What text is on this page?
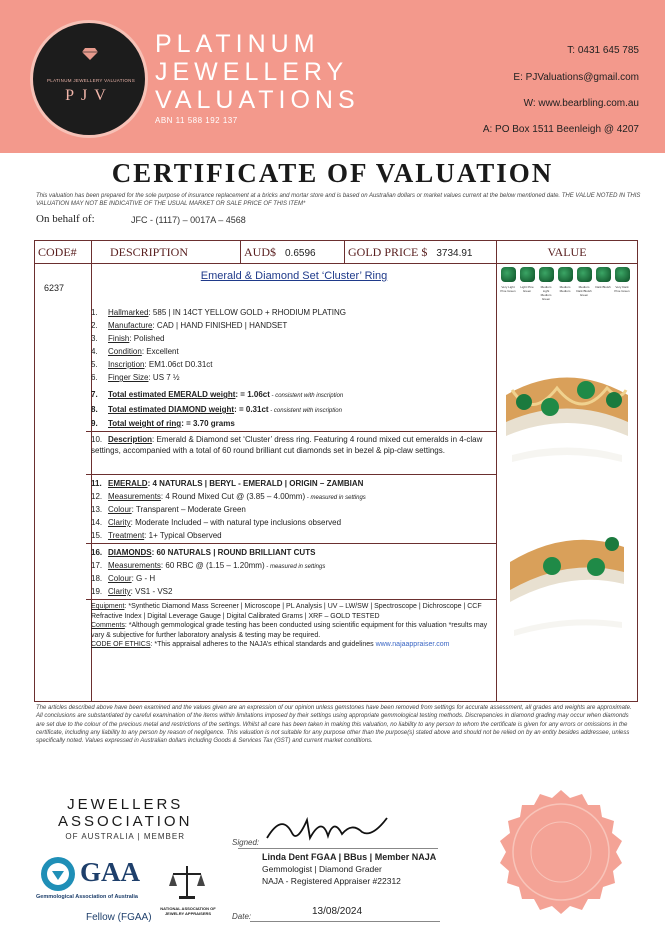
PLATINUM JEWELLERY VALUATIONS
PJV
PLATINUM
JEWELLERY
VALUATIONS
ABN 11 588 192 137
T: 0431 645 785
E: PJValuations@gmail.com
W: www.bearbling.com.au
A: PO Box 1511 Beenleigh @ 4207
CERTIFICATE OF VALUATION
This valuation has been prepared for the sole purpose of insurance replacement at a bricks and mortar store and is based on Australian dollars or market values current at the below mentioned date. THE VALUE NOTED IN THIS VALUATION MAY NOT BE INDICATIVE OF THE USUAL MARKET OR SALE PRICE OF THIS ITEM*
On behalf of:	JFC - (1117) – 0017A – 4568
CODE#	DESCRIPTION	AUD$ 0.6596	GOLD PRICE $ 3734.91	VALUE
6237
Emerald & Diamond Set ‘Cluster’ Ring
1. Hallmarked: 585 | IN 14CT YELLOW GOLD + RHODIUM PLATING
2. Manufacture: CAD | HAND FINISHED | HANDSET
3. Finish: Polished
4. Condition: Excellent
5. Inscription: EM1.06ct D0.31ct
6. Finger Size: US 7 ½
7. Total estimated EMERALD weight: = 1.06ct - consistent with inscription
8. Total estimated DIAMOND weight: = 0.31ct - consistent with inscription
9. Total weight of ring: = 3.70 grams
10. Description: Emerald & Diamond set ‘Cluster’ dress ring. Featuring 4 round mixed cut emeralds in 4-claw settings, accompanied with a total of 60 round brilliant cut diamonds set in bezel & pip-claw settings.
11. EMERALD: 4 NATURALS | BERYL - EMERALD | ORIGIN – ZAMBIAN
12. Measurements: 4 Round Mixed Cut @ (3.85 – 4.00mm) - measured in settings
13. Colour: Transparent – Moderate Green
14. Clarity: Moderate Included – with natural type inclusions observed
15. Treatment: 1+ Typical Observed
16. DIAMONDS: 60 NATURALS | ROUND BRILLIANT CUTS
17. Measurements: 60 RBC @ (1.15 – 1.20mm) - measured in settings
18. Colour: G - H
19. Clarity: VS1 - VS2
Equipment: *Synthetic Diamond Mass Screener | Microscope | PL Analysis | UV – LW/SW | Spectroscope | Dichroscope | CCF Refractive Index | Digital Leverage Gauge | Digital Calibrated Grams | XRF – GOLD TESTED
Comments: *Although gemmological grade testing has been conducted using scientific equipment for this valuation *results may vary & subjective for further laboratory analysis & testing may be required.
CODE OF ETHICS: *This appraisal adheres to the NAJA’s ethical standards and guidelines www.najaappraiser.com
Very Light Pine Green
Light Pine Green
Medium Light Medium Green
Medium Medium
Medium Dark Bluish Green
Dark Bluish	Very Dark Pine Green
The articles described above have been examined and the values given are an expression of our opinion unless gemstones have been removed from settings for accurate assessment, all grades and weights are approximate. All conclusions are substantiated by careful examination of the items within limitations imposed by their settings using appropriate gemmological testing methods. Discrepancies in diamond grading may occur when diamonds are set due to the colour of the precious metal and restrictions of the settings. Whilst all care has been taken in making this valuation, no liability to any person to whom the certificate is given for any errors or omissions in the certificate, including any liability to any person by reason of negligence. This valuation is not suitable for any purpose other than the purpose(s) stated above and should not be relied on by an entity besides addressee, unless specifically noted. Values expressed in Australian dollars including Goods & Services Tax (GST) and current market conditions.
JEWELLERS
ASSOCIATION
OF AUSTRALIA | MEMBER
GAA
Gemmological Association of Australia
Fellow (FGAA)
NATIONAL ASSOCIATION OF JEWELRY APPRAISERS
Signed:
Linda Dent FGAA | BBus | Member NAJA
Gemmologist | Diamond Grader
NAJA - Registered Appraiser #22312
Date:	13/08/2024
